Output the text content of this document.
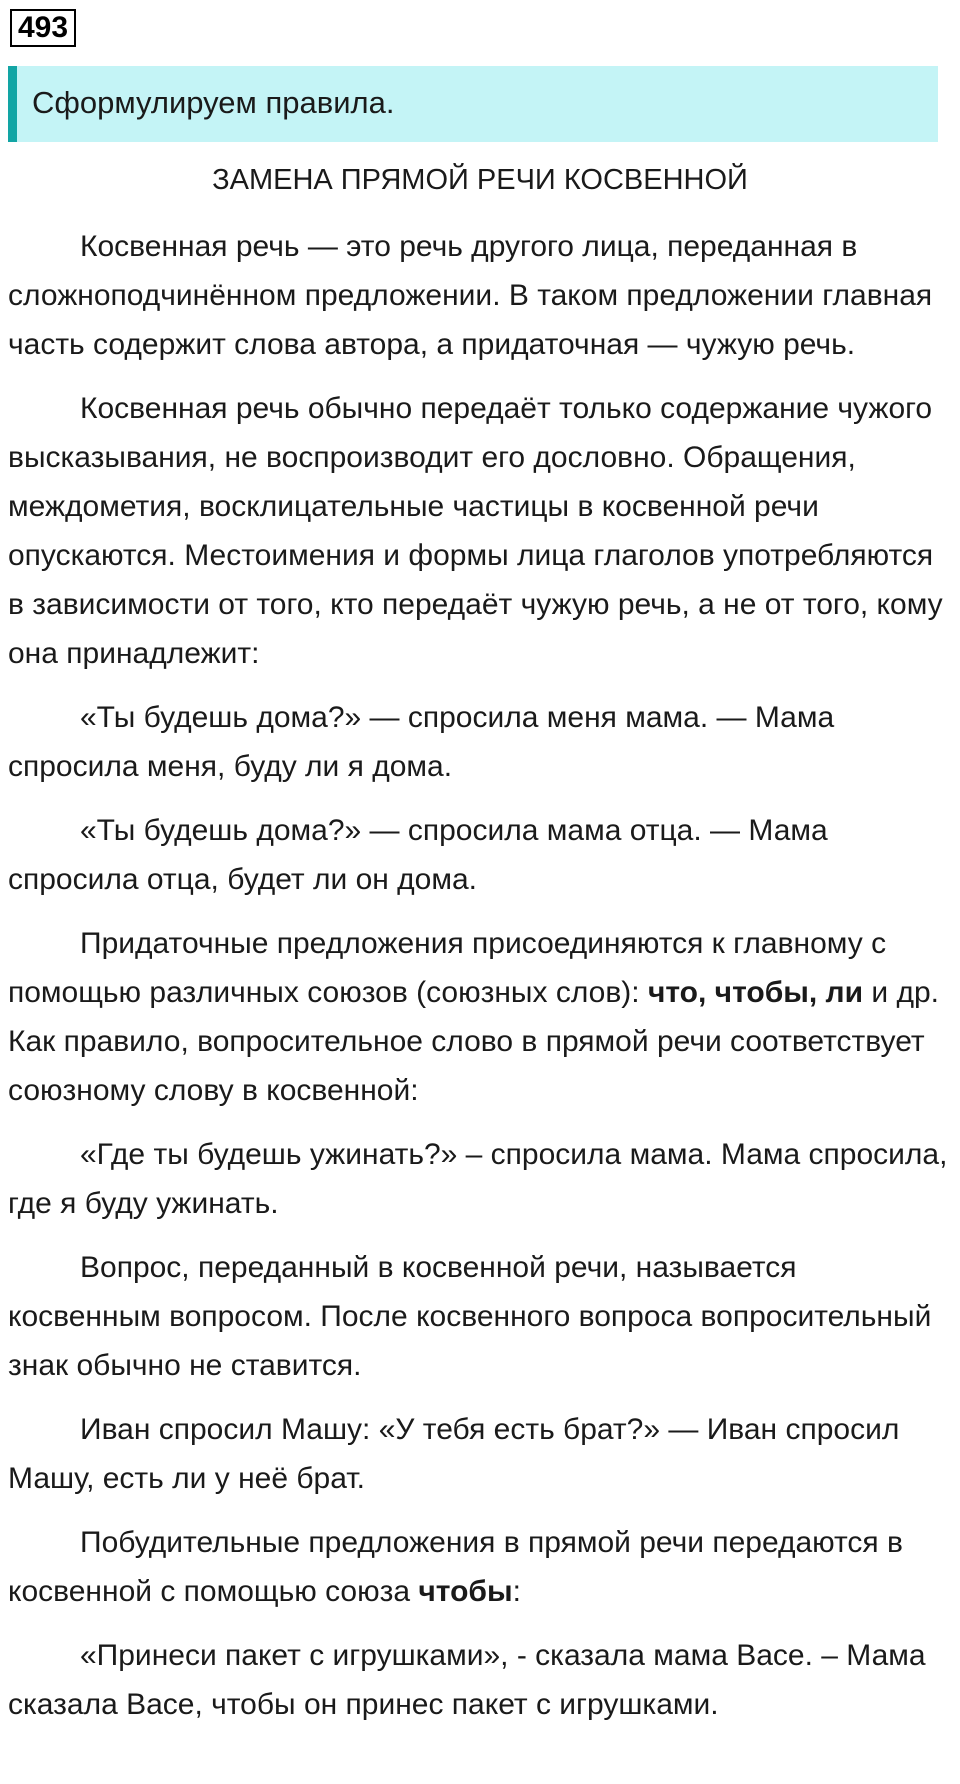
493
Сформулируем правила.
ЗАМЕНА ПРЯМОЙ РЕЧИ КОСВЕННОЙ

Косвенная речь — это речь другого лица, переданная в сложноподчинённом предложении. В таком предложении главная часть содержит слова автора, а придаточная — чужую речь.

Косвенная речь обычно передаёт только содержание чужого высказывания, не воспроизводит его дословно. Обращения, междометия, восклицательные частицы в косвенной речи опускаются. Местоимения и формы лица глаголов употребляются в зависимости от того, кто передаёт чужую речь, а не от того, кому она принадлежит:

«Ты будешь дома?» — спросила меня мама. — Мама спросила меня, буду ли я дома.

«Ты будешь дома?» — спросила мама отца. — Мама спросила отца, будет ли он дома.

Придаточные предложения присоединяются к главному с помощью различных союзов (союзных слов): что, чтобы, ли и др. Как правило, вопросительное слово в прямой речи соответствует союзному слову в косвенной:

«Где ты будешь ужинать?» – спросила мама. Мама спросила, где я буду ужинать.

Вопрос, переданный в косвенной речи, называется косвенным вопросом. После косвенного вопроса вопросительный знак обычно не ставится.

Иван спросил Машу: «У тебя есть брат?» — Иван спросил Машу, есть ли у неё брат.

Побудительные предложения в прямой речи передаются в косвенной с помощью союза чтобы:

«Принеси пакет с игрушками», - сказала мама Васе. – Мама сказала Васе, чтобы он принес пакет с игрушками.
